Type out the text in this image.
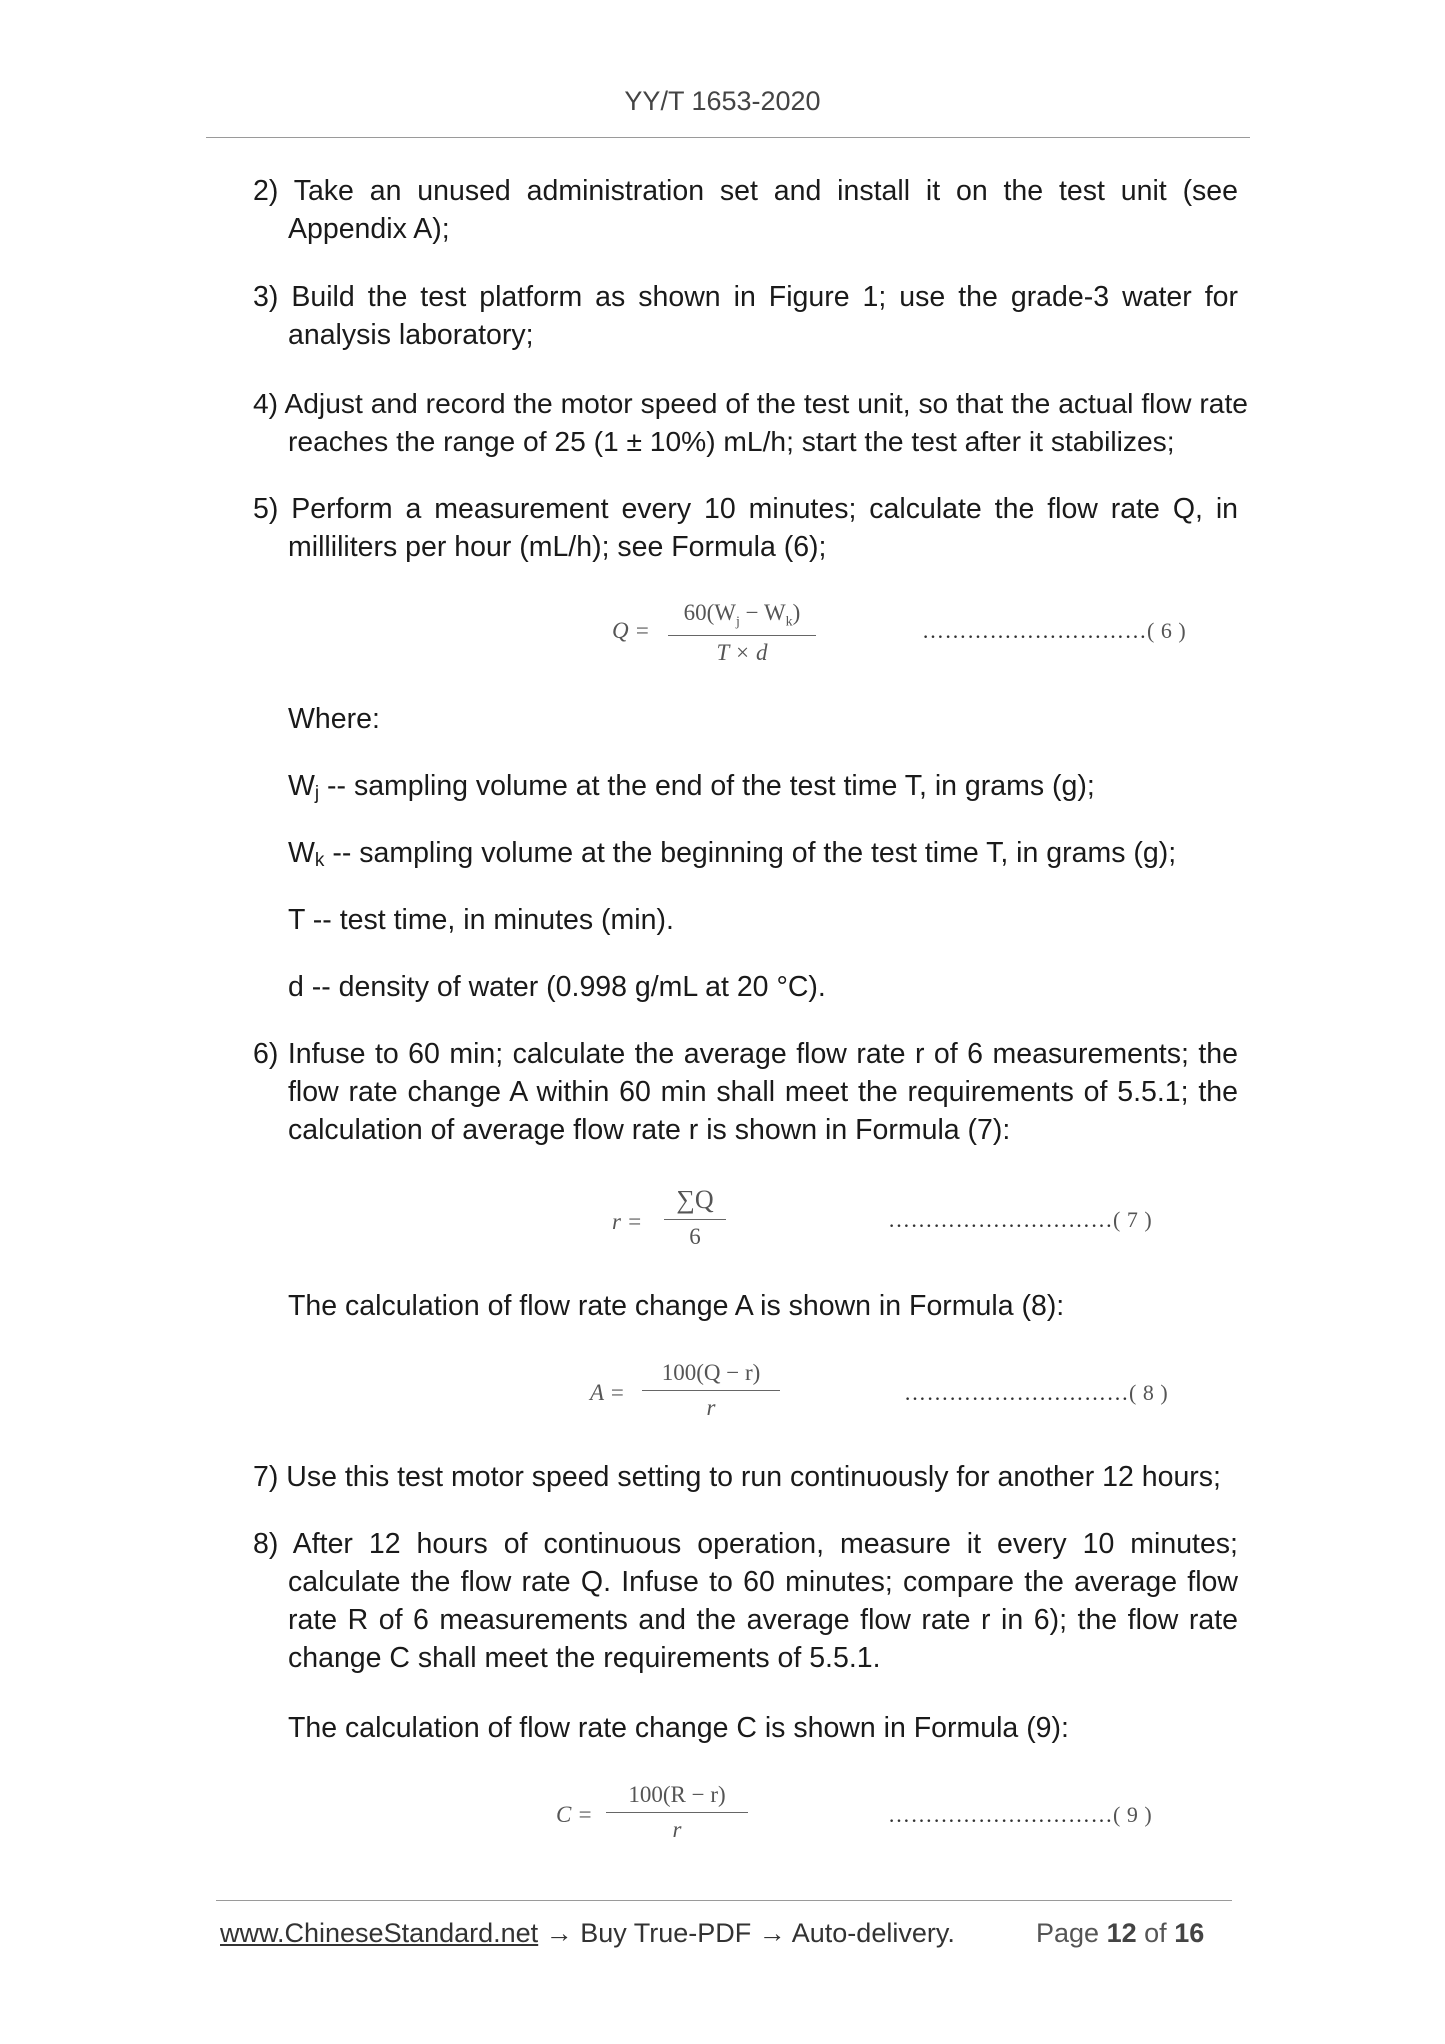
YY/T 1653-2020
2) Take an unused administration set and install it on the test unit (see Appendix A);
3) Build the test platform as shown in Figure 1; use the grade-3 water for analysis laboratory;
4) Adjust and record the motor speed of the test unit, so that the actual flow rate reaches the range of 25 (1 ± 10%) mL/h; start the test after it stabilizes;
5) Perform a measurement every 10 minutes; calculate the flow rate Q, in milliliters per hour (mL/h); see Formula (6);
Q =
$60(W_j - W_k)$
T × d
…………………………( 6 )
Where:
$W_j$ -- sampling volume at the end of the test time T, in grams (g);
$W_k$ -- sampling volume at the beginning of the test time T, in grams (g);
T -- test time, in minutes (min).
d -- density of water (0.998 g/mL at 20 °C).
6) Infuse to 60 min; calculate the average flow rate r of 6 measurements; the flow rate change A within 60 min shall meet the requirements of 5.5.1; the calculation of average flow rate r is shown in Formula (7):
r =
∑Q
6
…………………………( 7 )
The calculation of flow rate change A is shown in Formula (8):
A =
100(Q − r)
r
…………………………( 8 )
7) Use this test motor speed setting to run continuously for another 12 hours;
8) After 12 hours of continuous operation, measure it every 10 minutes; calculate the flow rate Q. Infuse to 60 minutes; compare the average flow rate R of 6 measurements and the average flow rate r in 6); the flow rate change C shall meet the requirements of 5.5.1.
The calculation of flow rate change C is shown in Formula (9):
C =
100(R − r)
r
…………………………( 9 )
www.ChineseStandard.net → Buy True-PDF → Auto-delivery.	Page 12 of 16
